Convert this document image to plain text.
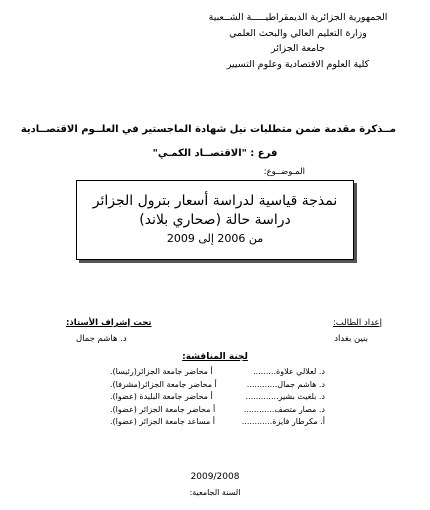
الجمهورية الجزائرية الديمقراطيـــــة الشــعبية
وزارة التعليم العالي والبحث العلمي
جامعة الجزائر
كلية العلوم الاقتصادية وعلوم التسيير
مــذكرة مقدمة ضمن متطلبات نيل شهادة الماجستير في العلــوم الاقتصــادية
فرع : "الاقتصــاد الكمـي"
المـوضــوع:
نمذجة قياسية لدراسة أسعار بترول الجزائر
دراسة حالة (صحاري بلاند)
من 2006 إلى 2009
تحت إشراف الأستاذ:
د. هاشم جمال
إعداد الطالب:
بنين بغداد
لجنة المناقشة:
د. لعلالي علاوة.........
أ محاضر جامعة الجزائر(رئيسا).
د. هاشم جمال............
أ محاضر جامعة الجزائر(مشرفا).
د. بلغيث بشير.............
أ محاضر جامعة البليدة (عضوا).
د. مصار متصف............
أ محاضر جامعة الجزائر (عضوا).
أ. مكرطار فايزة............
أ مساعد جامعة الجزائر (عضوا).
2009/2008
السنة الجامعية:
